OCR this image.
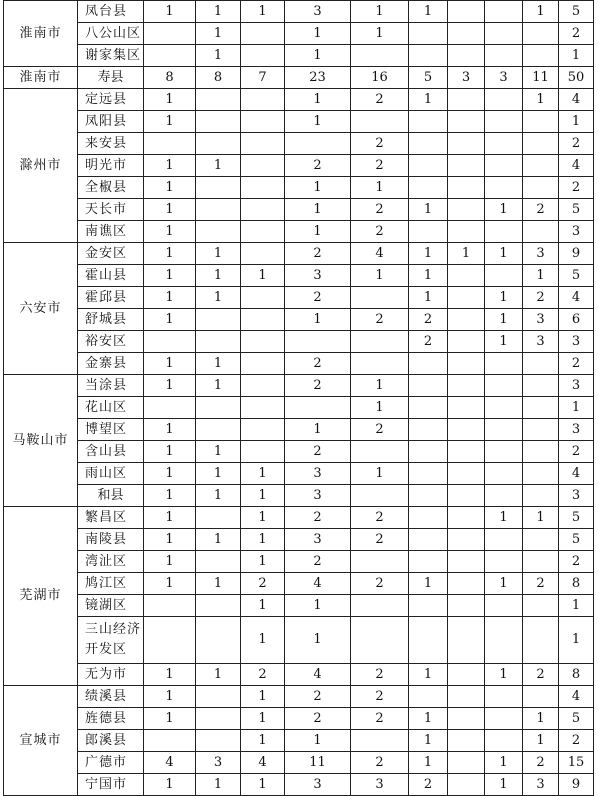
淮南市	凤台县	1	1	1	3	1	1			1	5
	八公山区		1		1	1					2
	谢家集区		1		1						1
淮南市	寿县	8	8	7	23	16	5	3	3	11	50
滁州市	定远县	1			1	2	1			1	4
	凤阳县	1			1						1
	来安县					2					2
	明光市	1	1		2	2					4
	全椒县	1			1	1					2
	天长市	1			1	2	1		1	2	5
	南谯区	1			1	2					3
六安市	金安区	1	1		2	4	1	1	1	3	9
	霍山县	1	1	1	3	1	1			1	5
	霍邱县	1	1		2		1		1	2	4
	舒城县	1			1	2	2		1	3	6
	裕安区						2		1	3	3
	金寨县	1	1		2						2
马鞍山市	当涂县	1	1		2	1					3
	花山区					1					1
	博望区	1			1	2					3
	含山县	1	1		2						2
	雨山区	1	1	1	3	1					4
	和县	1	1	1	3						3
芜湖市	繁昌区	1		1	2	2			1	1	5
	南陵县	1	1	1	3	2					5
	湾沚区	1		1	2						2
	鸠江区	1	1	2	4	2	1		1	2	8
	镜湖区			1	1						1
	三山经济开发区			1	1						1
	无为市	1	1	2	4	2	1		1	2	8
宣城市	绩溪县	1		1	2	2					4
	旌德县	1		1	2	2	1			1	5
	郎溪县			1	1		1			1	2
	广德市	4	3	4	11	2	1		1	2	15
	宁国市	1	1	1	3	3	2		1	3	9
